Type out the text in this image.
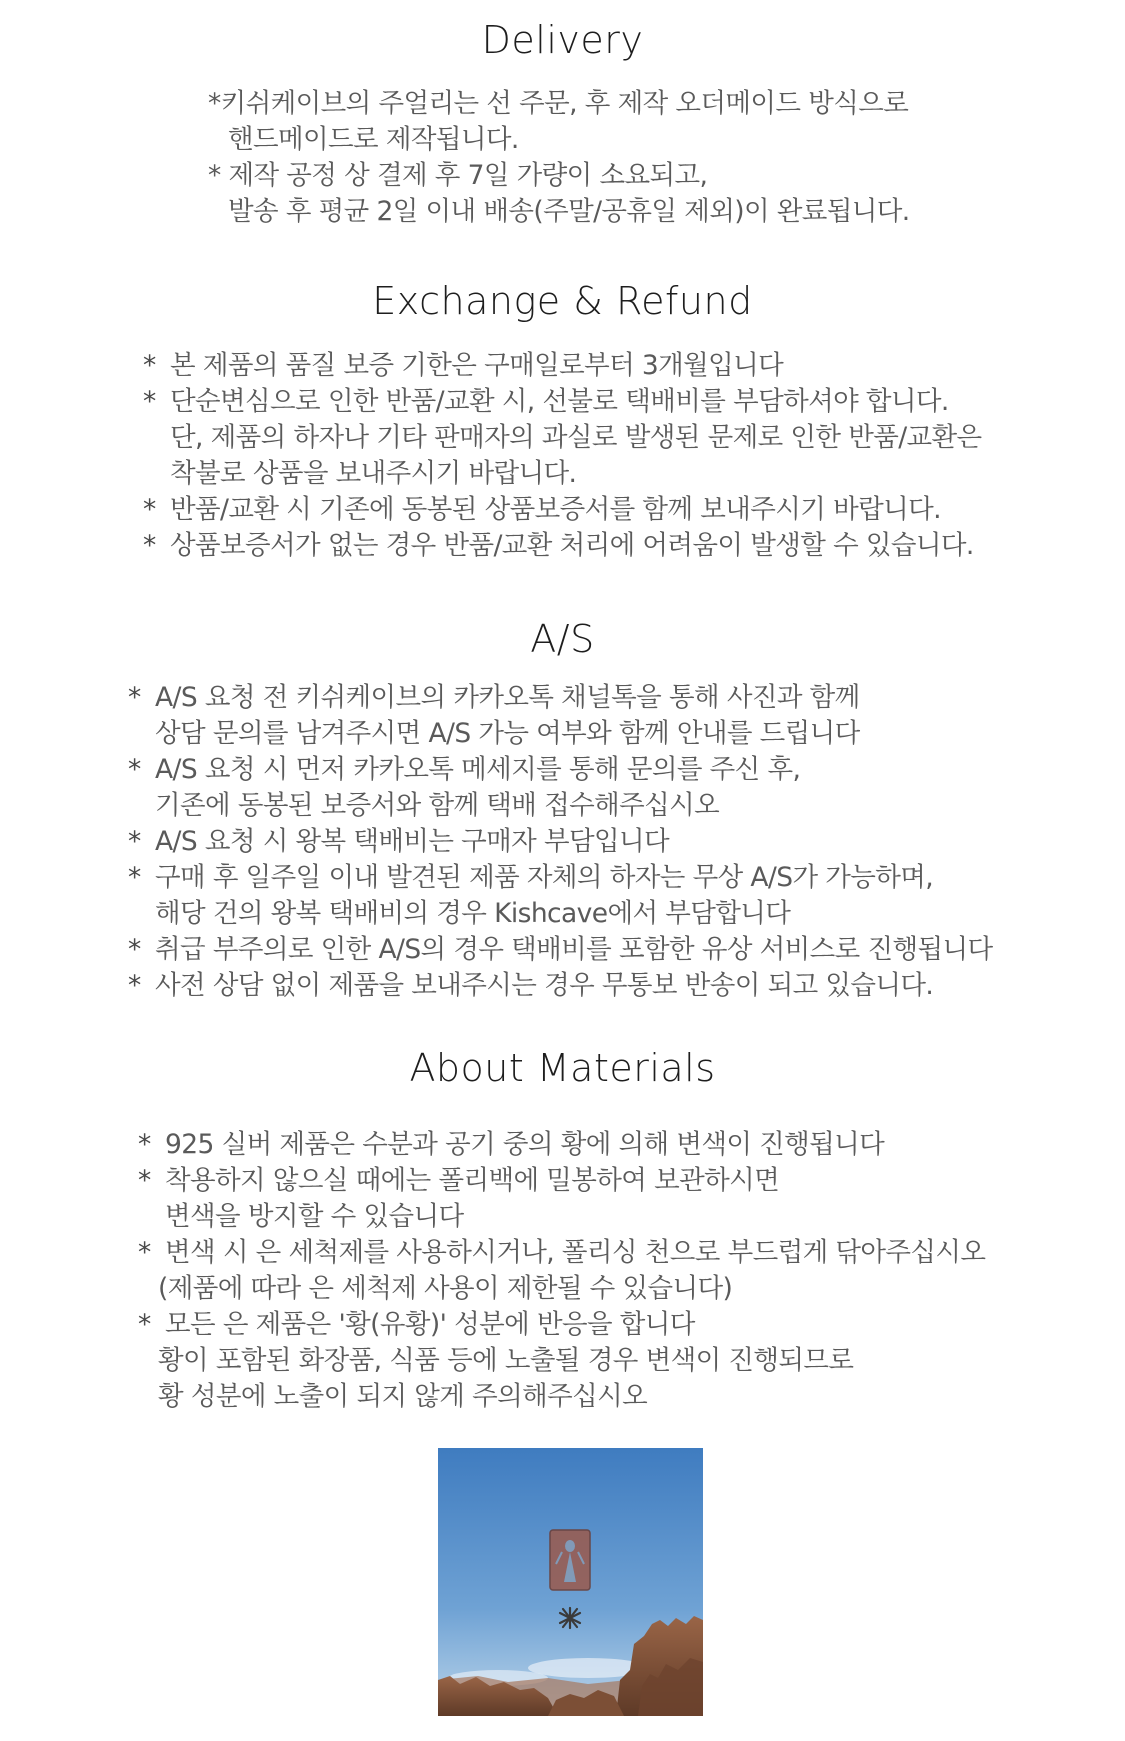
Delivery
*키쉬케이브의 주얼리는 선 주문, 후 제작 오더메이드 방식으로
핸드메이드로 제작됩니다.
* 제작 공정 상 결제 후 7일 가량이 소요되고,
발송 후 평균 2일 이내 배송(주말/공휴일 제외)이 완료됩니다.
Exchange & Refund
* 본 제품의 품질 보증 기한은 구매일로부터 3개월입니다
* 단순변심으로 인한 반품/교환 시, 선불로 택배비를 부담하셔야 합니다.
단, 제품의 하자나 기타 판매자의 과실로 발생된 문제로 인한 반품/교환은
착불로 상품을 보내주시기 바랍니다.
* 반품/교환 시 기존에 동봉된 상품보증서를 함께 보내주시기 바랍니다.
* 상품보증서가 없는 경우 반품/교환 처리에 어려움이 발생할 수 있습니다.
A/S
* A/S 요청 전 키쉬케이브의 카카오톡 채널톡을 통해 사진과 함께
상담 문의를 남겨주시면 A/S 가능 여부와 함께 안내를 드립니다
* A/S 요청 시 먼저 카카오톡 메세지를 통해 문의를 주신 후,
기존에 동봉된 보증서와 함께 택배 접수해주십시오
* A/S 요청 시 왕복 택배비는 구매자 부담입니다
* 구매 후 일주일 이내 발견된 제품 자체의 하자는 무상 A/S가 가능하며,
해당 건의 왕복 택배비의 경우 Kishcave에서 부담합니다
* 취급 부주의로 인한 A/S의 경우 택배비를 포함한 유상 서비스로 진행됩니다
* 사전 상담 없이 제품을 보내주시는 경우 무통보 반송이 되고 있습니다.
About Materials
* 925 실버 제품은 수분과 공기 중의 황에 의해 변색이 진행됩니다
* 착용하지 않으실 때에는 폴리백에 밀봉하여 보관하시면
변색을 방지할 수 있습니다
* 변색 시 은 세척제를 사용하시거나, 폴리싱 천으로 부드럽게 닦아주십시오
(제품에 따라 은 세척제 사용이 제한될 수 있습니다)
* 모든 은 제품은 '황(유황)' 성분에 반응을 합니다
황이 포함된 화장품, 식품 등에 노출될 경우 변색이 진행되므로
황 성분에 노출이 되지 않게 주의해주십시오
